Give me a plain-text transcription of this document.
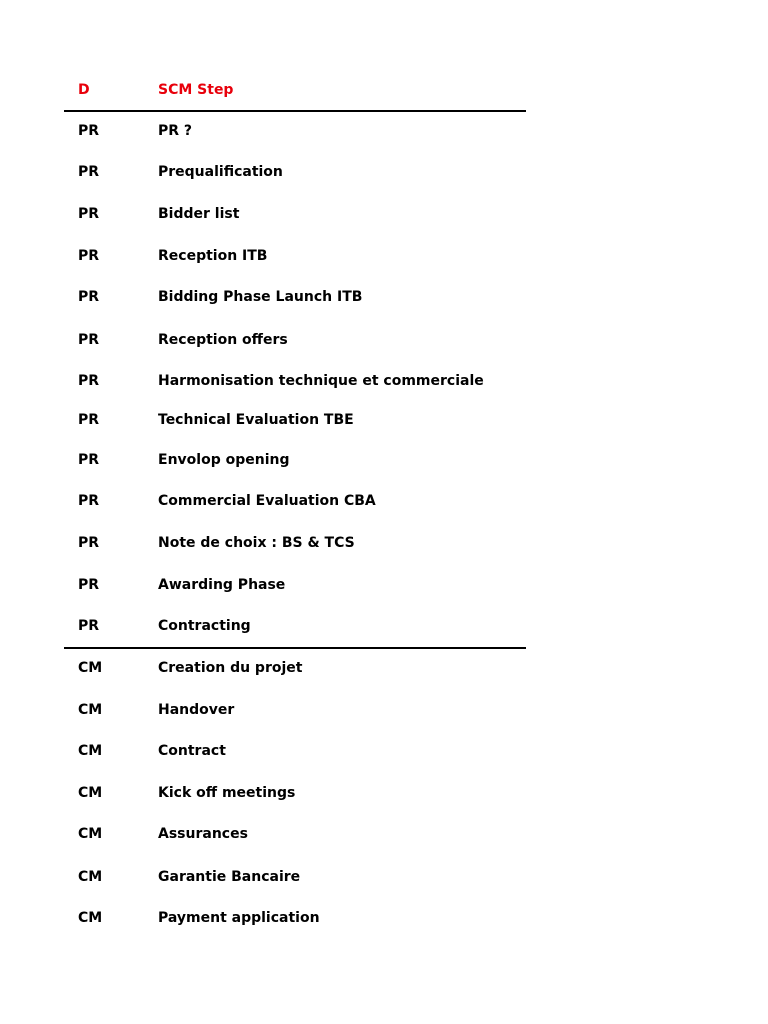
D	SCM Step
PR	PR ?
PR	Prequalification
PR	Bidder list
PR	Reception ITB
PR	Bidding Phase Launch ITB
PR	Reception offers
PR	Harmonisation technique et commerciale
PR	Technical Evaluation TBE
PR	Envolop opening
PR	Commercial Evaluation CBA
PR	Note de choix : BS & TCS
PR	Awarding Phase
PR	Contracting
CM	Creation du projet
CM	Handover
CM	Contract
CM	Kick off meetings
CM	Assurances
CM	Garantie Bancaire
CM	Payment application
